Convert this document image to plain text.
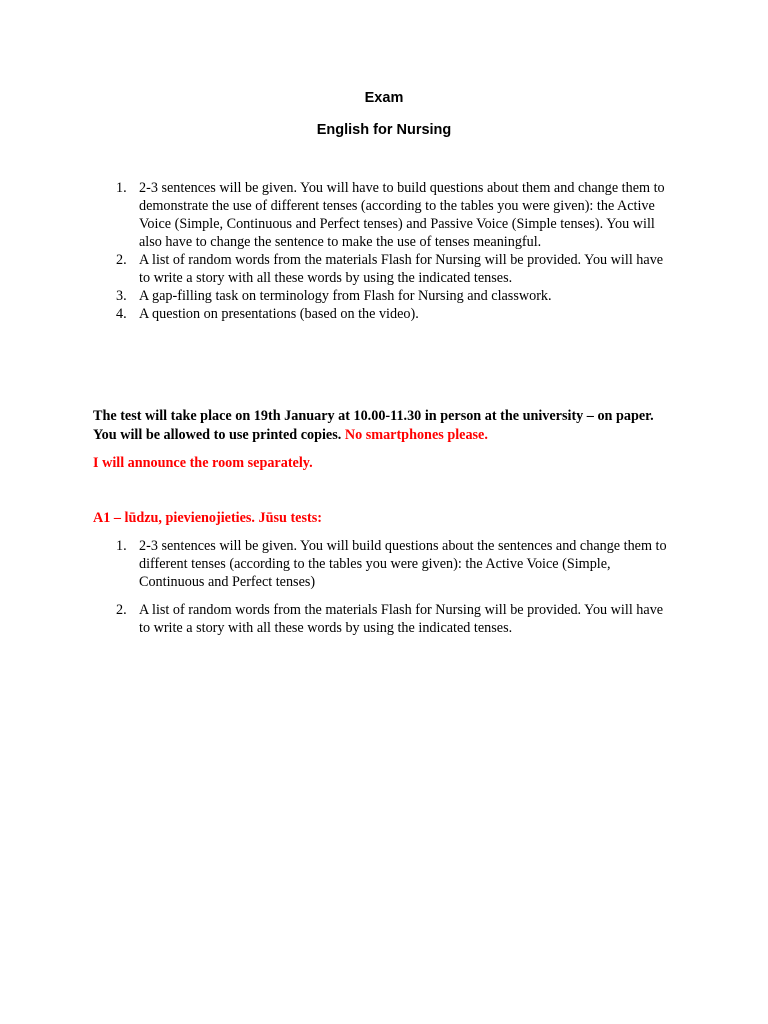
Exam
English for Nursing
1. 2-3 sentences will be given. You will have to build questions about them and change them to demonstrate the use of different tenses (according to the tables you were given): the Active Voice (Simple, Continuous and Perfect tenses) and Passive Voice (Simple tenses). You will also have to change the sentence to make the use of tenses meaningful.
2. A list of random words from the materials Flash for Nursing will be provided. You will have to write a story with all these words by using the indicated tenses.
3. A gap-filling task on terminology from Flash for Nursing and classwork.
4. A question on presentations (based on the video).

The test will take place on 19th January at 10.00-11.30 in person at the university – on paper. You will be allowed to use printed copies. No smartphones please.

I will announce the room separately.

A1 – lūdzu, pievienojieties. Jūsu tests:

1. 2-3 sentences will be given. You will build questions about the sentences and change them to different tenses (according to the tables you were given): the Active Voice (Simple, Continuous and Perfect tenses)
2. A list of random words from the materials Flash for Nursing will be provided. You will have to write a story with all these words by using the indicated tenses.
